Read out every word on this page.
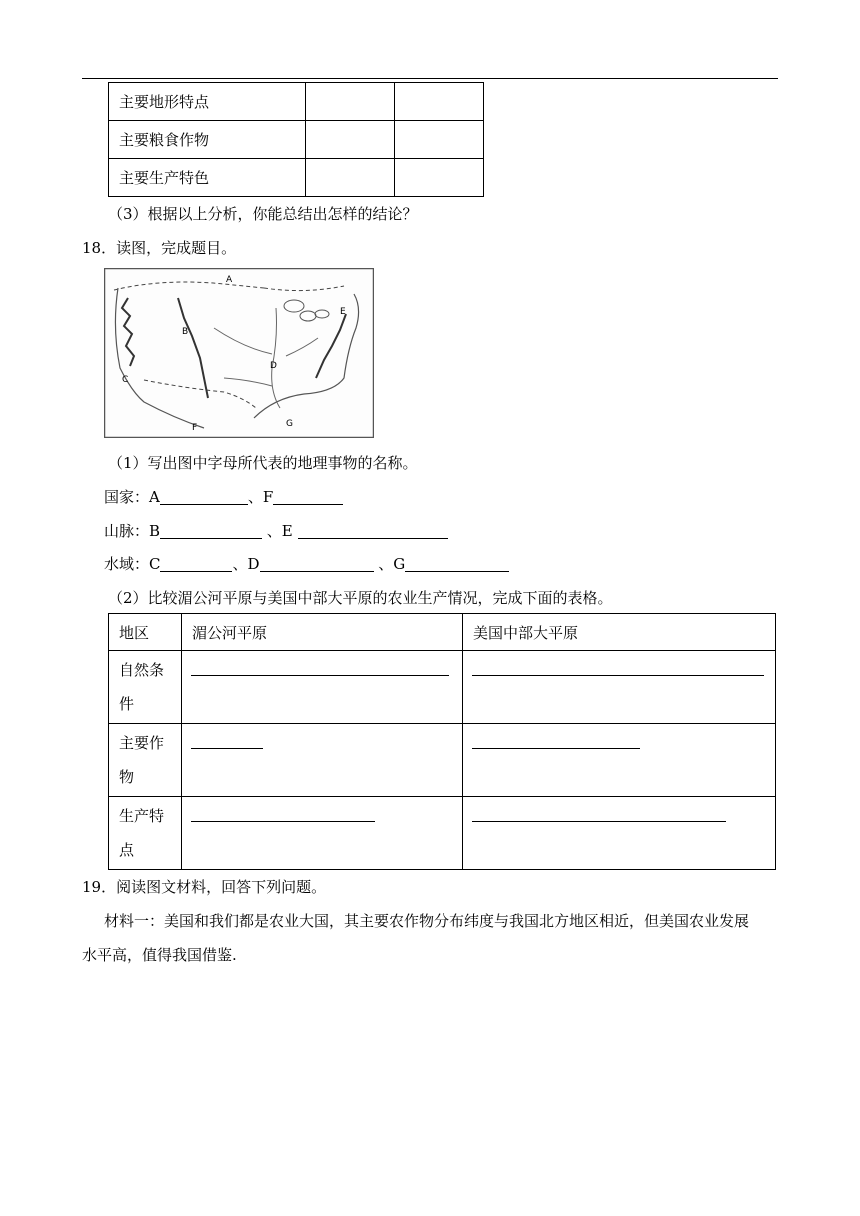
主要地形特点		
主要粮食作物		
主要生产特色		
（3）根据以上分析，你能总结出怎样的结论？
18．读图，完成题目。
A
B
C
D
E
F	G
（1）写出图中字母所代表的地理事物的名称。
国家：A	、F
山脉：B	、E
水域：C	、D	、G
（2）比较湄公河平原与美国中部大平原的农业生产情况，完成下面的表格。
地区	湄公河平原	美国中部大平原
自然条
件	

主要作
物	

生产特
点	

19．阅读图文材料，回答下列问题。
材料一：美国和我们都是农业大国，其主要农作物分布纬度与我国北方地区相近，但美国农业发展
水平高，值得我国借鉴.
